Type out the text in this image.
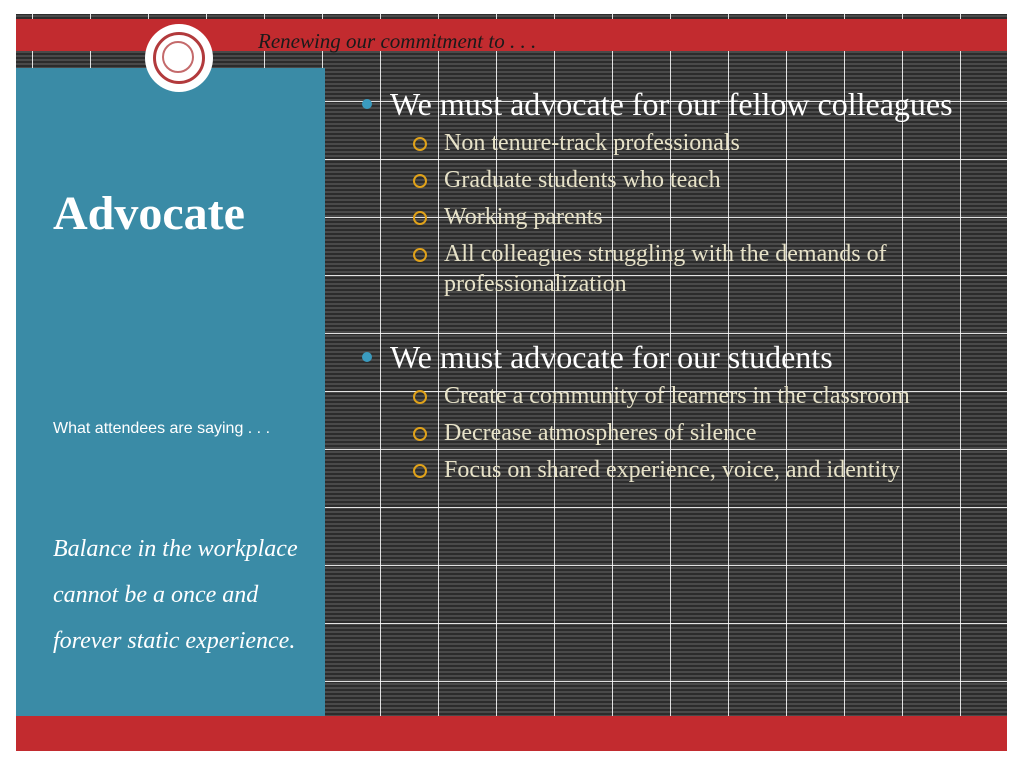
Renewing our commitment to . . .
Advocate
What attendees are saying . . .
Balance in the workplace cannot be a once and forever static experience.
We must advocate for our fellow colleagues
Non tenure-track professionals
Graduate students who teach
Working parents
All colleagues struggling with the demands of professionalization
We must advocate for our students
Create a community of learners in the classroom
Decrease atmospheres of silence
Focus on shared experience, voice, and identity
